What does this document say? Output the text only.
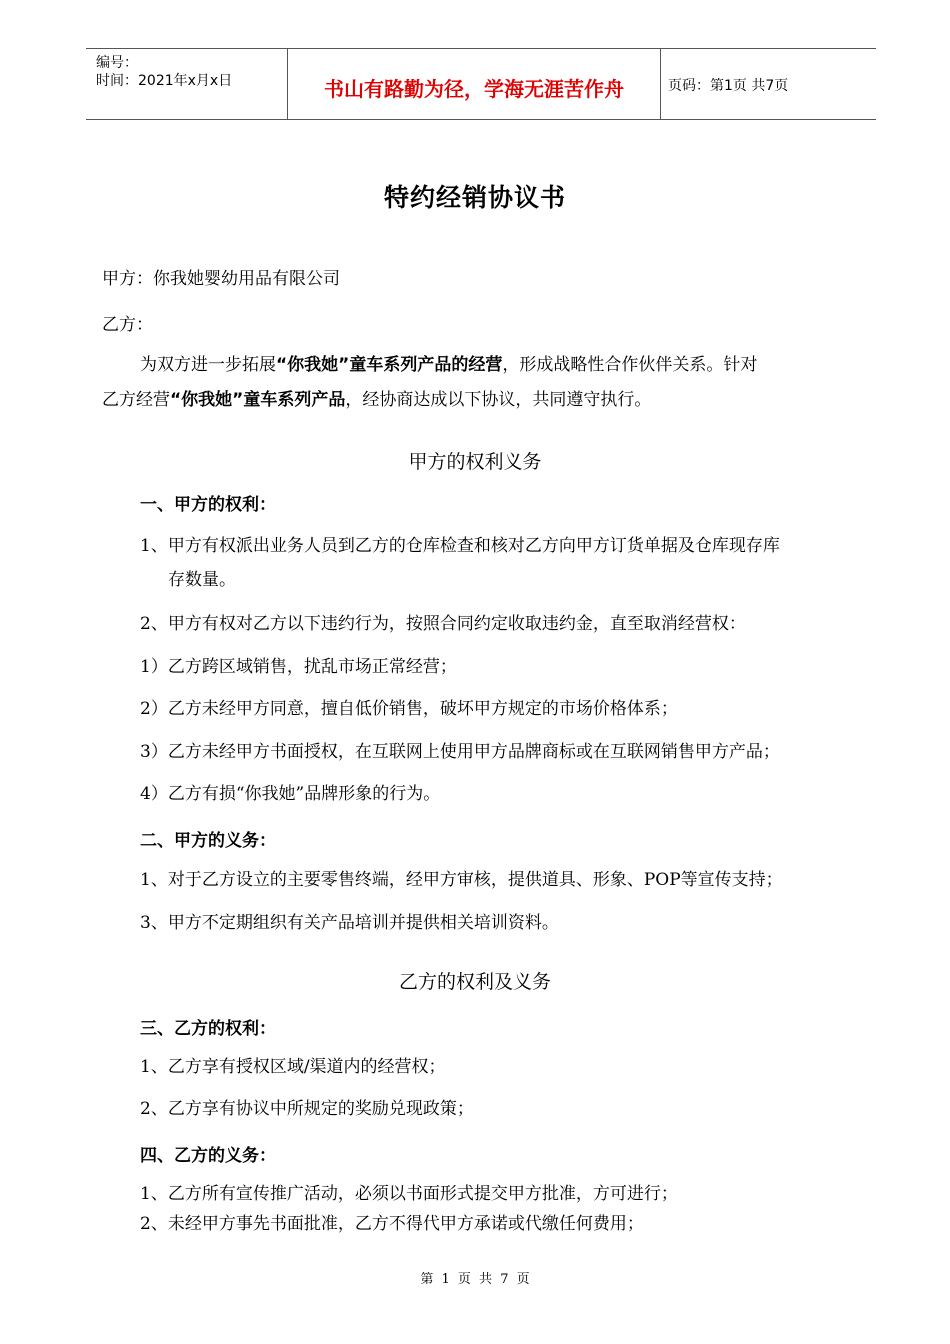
编号：
时间：2021年x月x日	书山有路勤为径，学海无涯苦作舟	页码：第1页 共7页
特约经销协议书
甲方：你我她婴幼用品有限公司
乙方：
为双方进一步拓展“你我她”童车系列产品的经营，形成战略性合作伙伴关系。针对
乙方经营“你我她”童车系列产品，经协商达成以下协议，共同遵守执行。
甲方的权利义务
一、甲方的权利：
1、甲方有权派出业务人员到乙方的仓库检查和核对乙方向甲方订货单据及仓库现存库
存数量。
2、甲方有权对乙方以下违约行为，按照合同约定收取违约金，直至取消经营权：
1）乙方跨区域销售，扰乱市场正常经营；
2）乙方未经甲方同意，擅自低价销售，破坏甲方规定的市场价格体系；
3）乙方未经甲方书面授权，在互联网上使用甲方品牌商标或在互联网销售甲方产品；
4）乙方有损“你我她”品牌形象的行为。
二、甲方的义务：
1、对于乙方设立的主要零售终端，经甲方审核，提供道具、形象、POP等宣传支持；
3、甲方不定期组织有关产品培训并提供相关培训资料。
乙方的权利及义务
三、乙方的权利：
1、乙方享有授权区域/渠道内的经营权；
2、乙方享有协议中所规定的奖励兑现政策；
四、乙方的义务：
1、乙方所有宣传推广活动，必须以书面形式提交甲方批准，方可进行；
2、未经甲方事先书面批准，乙方不得代甲方承诺或代缴任何费用；
第 1 页 共 7 页
